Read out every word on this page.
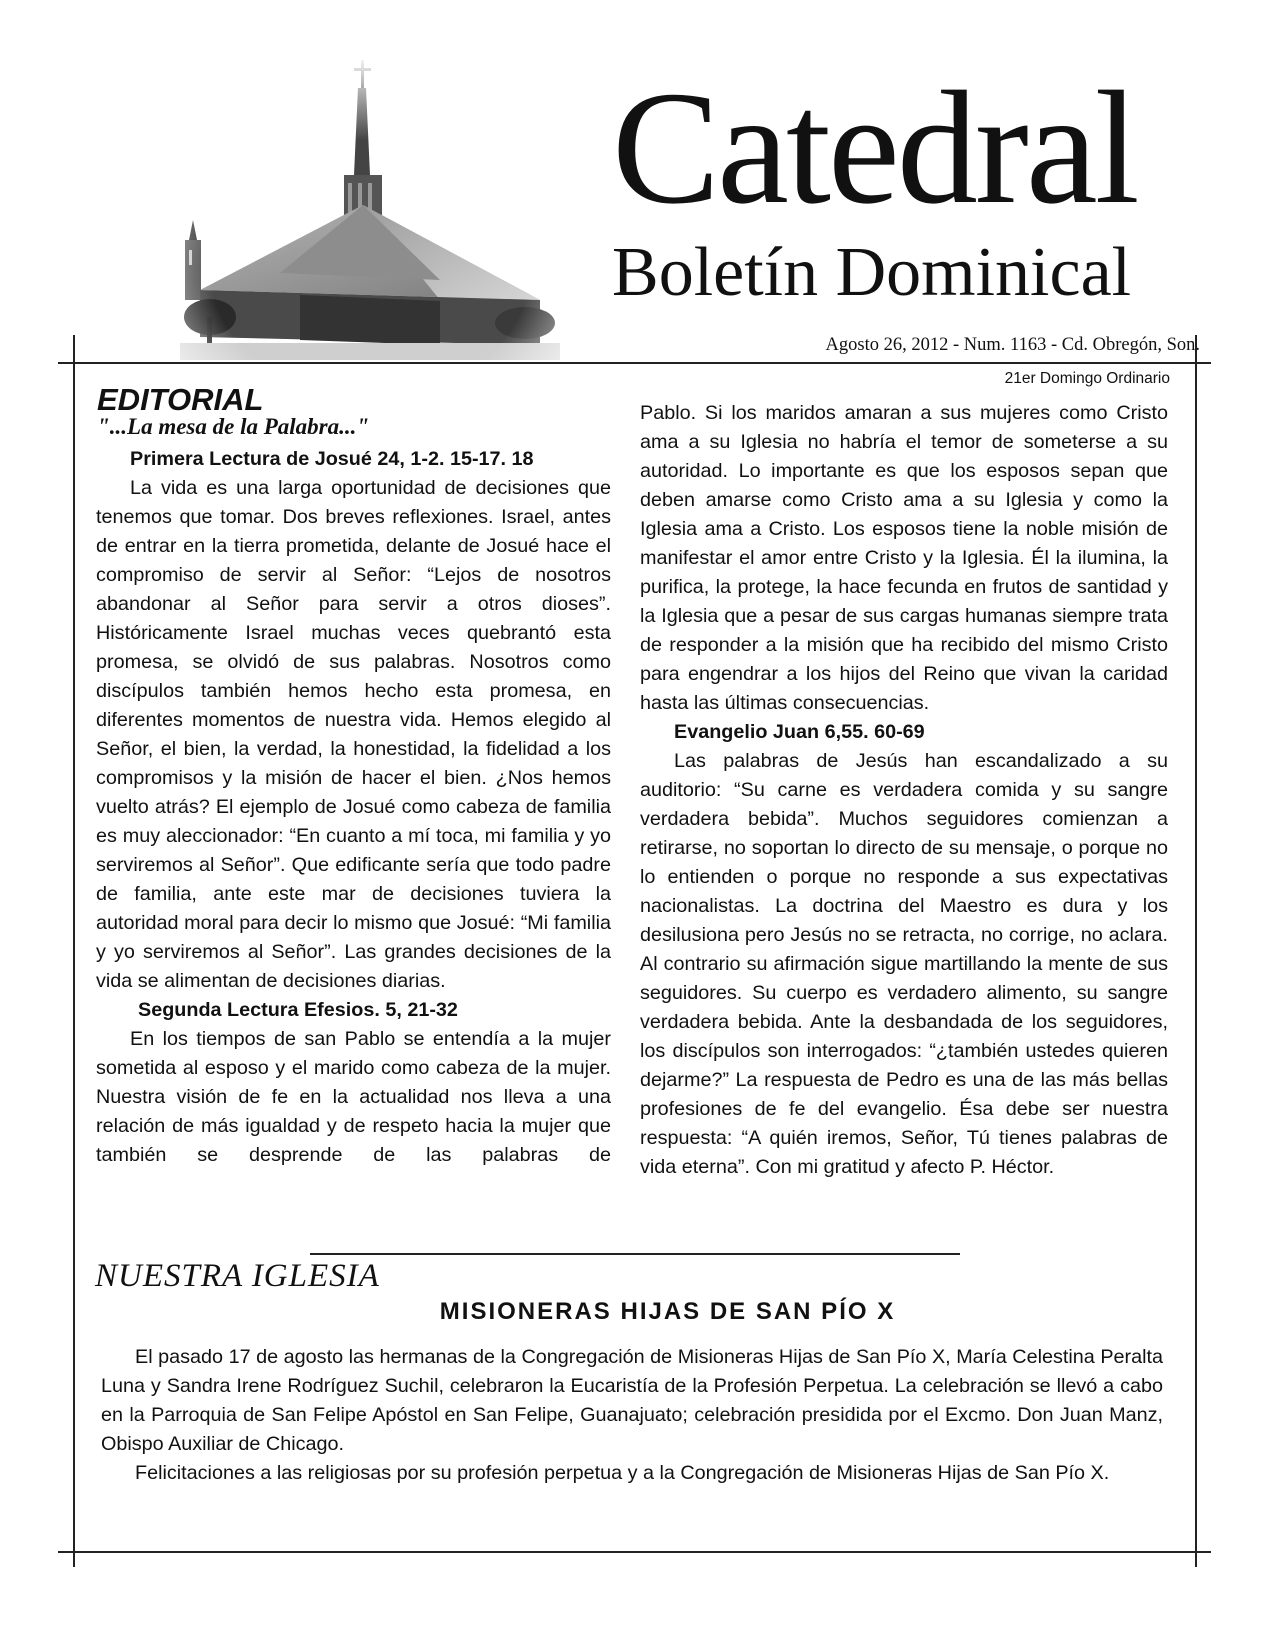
Catedral
Boletín Dominical
Agosto 26, 2012 - Num. 1163 - Cd. Obregón, Son.
21er Domingo Ordinario
EDITORIAL
"...La mesa de la Palabra..."
Primera Lectura de Josué 24, 1-2. 15-17. 18

La vida es una larga oportunidad de decisiones que tenemos que tomar. Dos breves reflexiones. Israel, antes de entrar en la tierra prometida, delante de Josué hace el compromiso de servir al Señor: “Lejos de nosotros abandonar al Señor para servir a otros dioses”. Históricamente Israel muchas veces quebrantó esta promesa, se olvidó de sus palabras. Nosotros como discípulos también hemos hecho esta promesa, en diferentes momentos de nuestra vida. Hemos elegido al Señor, el bien, la verdad, la honestidad, la fidelidad a los compromisos y la misión de hacer el bien. ¿Nos hemos vuelto atrás? El ejemplo de Josué como cabeza de familia es muy aleccionador: “En cuanto a mí toca, mi familia y yo serviremos al Señor”. Que edificante sería que todo padre de familia, ante este mar de decisiones tuviera la autoridad moral para decir lo mismo que Josué: “Mi familia y yo serviremos al Señor”. Las grandes decisiones de la vida se alimentan de decisiones diarias.

Segunda Lectura Efesios. 5, 21-32

En los tiempos de san Pablo se entendía a la mujer sometida al esposo y el marido como cabeza de la mujer. Nuestra visión de fe en la actualidad nos lleva a una relación de más igualdad y de respeto hacia la mujer que también se desprende de las palabras de

Pablo. Si los maridos amaran a sus mujeres como Cristo ama a su Iglesia no habría el temor de someterse a su autoridad. Lo importante es que los esposos sepan que deben amarse como Cristo ama a su Iglesia y como la Iglesia ama a Cristo. Los esposos tiene la noble misión de manifestar el amor entre Cristo y la Iglesia. Él la ilumina, la purifica, la protege, la hace fecunda en frutos de santidad y la Iglesia que a pesar de sus cargas humanas siempre trata de responder a la misión que ha recibido del mismo Cristo para engendrar a los hijos del Reino que vivan la caridad hasta las últimas consecuencias.

Evangelio Juan 6,55. 60-69

Las palabras de Jesús han escandalizado a su auditorio: “Su carne es verdadera comida y su sangre verdadera bebida”. Muchos seguidores comienzan a retirarse, no soportan lo directo de su mensaje, o porque no lo entienden o porque no responde a sus expectativas nacionalistas. La doctrina del Maestro es dura y los desilusiona pero Jesús no se retracta, no corrige, no aclara. Al contrario su afirmación sigue martillando la mente de sus seguidores. Su cuerpo es verdadero alimento, su sangre verdadera bebida. Ante la desbandada de los seguidores, los discípulos son interrogados: “¿también ustedes quieren dejarme?” La respuesta de Pedro es una de las más bellas profesiones de fe del evangelio. Ésa debe ser nuestra respuesta: “A quién iremos, Señor, Tú tienes palabras de vida eterna”. Con mi gratitud y afecto P. Héctor.

NUESTRA IGLESIA
MISIONERAS HIJAS DE SAN PÍO X

El pasado 17 de agosto las hermanas de la Congregación de Misioneras Hijas de San Pío X, María Celestina Peralta Luna y Sandra Irene Rodríguez Suchil, celebraron la Eucaristía de la Profesión Perpetua. La celebración se llevó a cabo en la Parroquia de San Felipe Apóstol en San Felipe, Guanajuato; celebración presidida por el Excmo. Don Juan Manz, Obispo Auxiliar de Chicago.

Felicitaciones a las religiosas por su profesión perpetua y a la Congregación de Misioneras Hijas de San Pío X.
